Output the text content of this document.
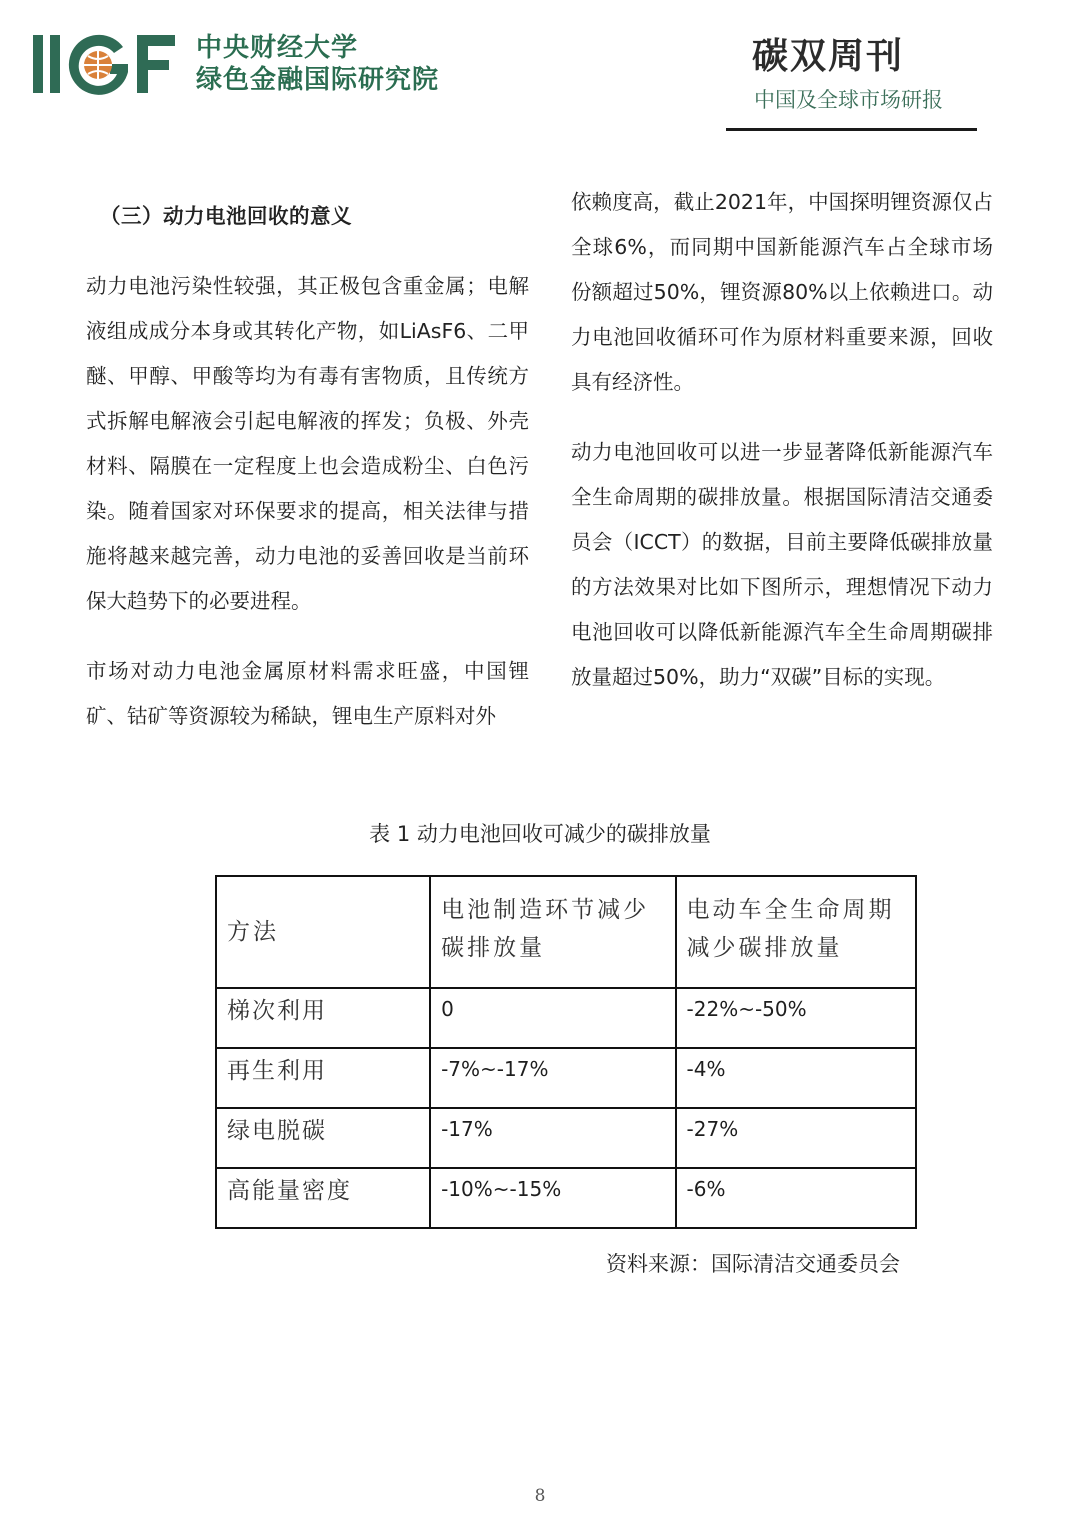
中央财经大学
绿色金融国际研究院
碳双周刊
中国及全球市场研报

（三）动力电池回收的意义

动力电池污染性较强，其正极包含重金属；电解液组成成分本身或其转化产物，如LiAsF6、二甲醚、甲醇、甲酸等均为有毒有害物质，且传统方式拆解电解液会引起电解液的挥发；负极、外壳材料、隔膜在一定程度上也会造成粉尘、白色污染。随着国家对环保要求的提高，相关法律与措施将越来越完善，动力电池的妥善回收是当前环保大趋势下的必要进程。

市场对动力电池金属原材料需求旺盛，中国锂矿、钴矿等资源较为稀缺，锂电生产原料对外

依赖度高，截止2021年，中国探明锂资源仅占全球6%，而同期中国新能源汽车占全球市场份额超过50%，锂资源80%以上依赖进口。动力电池回收循环可作为原材料重要来源，回收具有经济性。

动力电池回收可以进一步显著降低新能源汽车全生命周期的碳排放量。根据国际清洁交通委员会（ICCT）的数据，目前主要降低碳排放量的方法效果对比如下图所示，理想情况下动力电池回收可以降低新能源汽车全生命周期碳排放量超过50%，助力“双碳”目标的实现。

表 1 动力电池回收可减少的碳排放量
方法	电池制造环节减少碳排放量	电动车全生命周期减少碳排放量
梯次利用	0	-22%~-50%
再生利用	-7%~-17%	-4%
绿电脱碳	-17%	-27%
高能量密度	-10%~-15%	-6%
资料来源：国际清洁交通委员会
8
